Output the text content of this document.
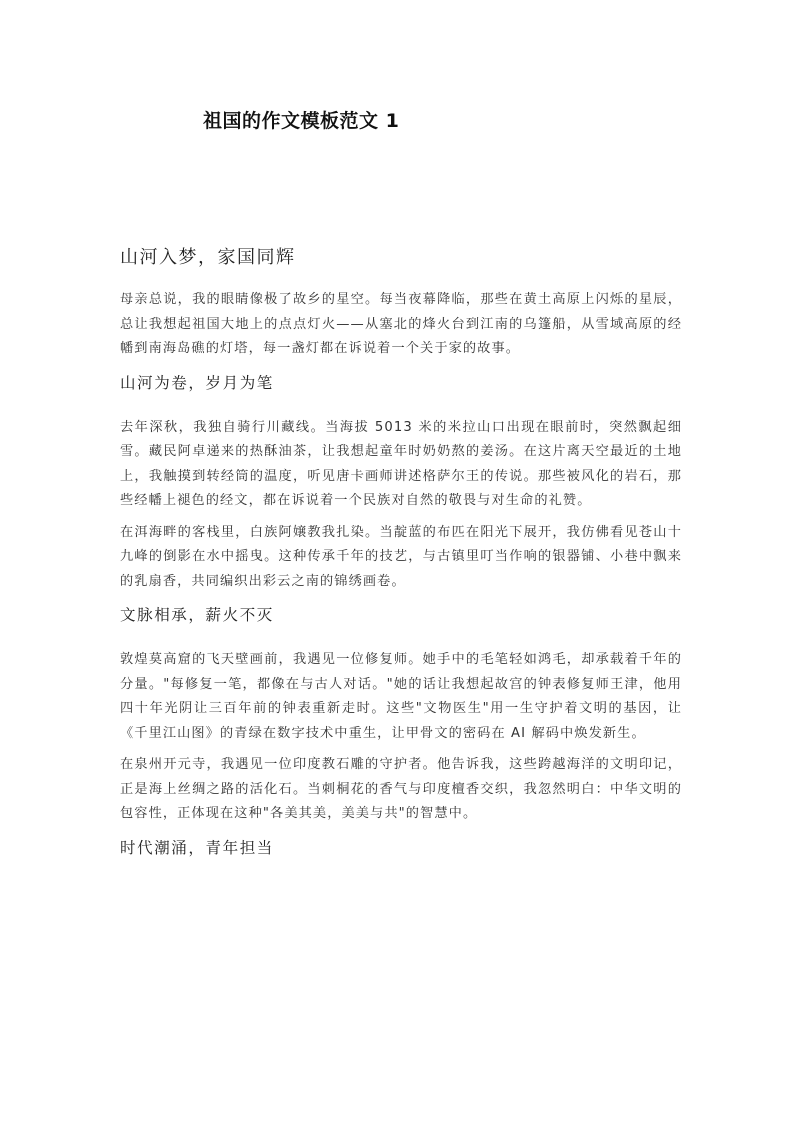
祖国的作文模板范文 1
山河入梦，家国同辉

母亲总说，我的眼睛像极了故乡的星空。每当夜幕降临，那些在黄土高原上闪烁的星辰，总让我想起祖国大地上的点点灯火——从塞北的烽火台到江南的乌篷船，从雪域高原的经幡到南海岛礁的灯塔，每一盏灯都在诉说着一个关于家的故事。

山河为卷，岁月为笔

去年深秋，我独自骑行川藏线。当海拔 5013 米的米拉山口出现在眼前时，突然飘起细雪。藏民阿卓递来的热酥油茶，让我想起童年时奶奶熬的姜汤。在这片离天空最近的土地上，我触摸到转经筒的温度，听见唐卡画师讲述格萨尔王的传说。那些被风化的岩石，那些经幡上褪色的经文，都在诉说着一个民族对自然的敬畏与对生命的礼赞。

在洱海畔的客栈里，白族阿嬢教我扎染。当靛蓝的布匹在阳光下展开，我仿佛看见苍山十九峰的倒影在水中摇曳。这种传承千年的技艺，与古镇里叮当作响的银器铺、小巷中飘来的乳扇香，共同编织出彩云之南的锦绣画卷。

文脉相承，薪火不灭

敦煌莫高窟的飞天壁画前，我遇见一位修复师。她手中的毛笔轻如鸿毛，却承载着千年的分量。"每修复一笔，都像在与古人对话。"她的话让我想起故宫的钟表修复师王津，他用四十年光阴让三百年前的钟表重新走时。这些"文物医生"用一生守护着文明的基因，让《千里江山图》的青绿在数字技术中重生，让甲骨文的密码在 AI 解码中焕发新生。

在泉州开元寺，我遇见一位印度教石雕的守护者。他告诉我，这些跨越海洋的文明印记，正是海上丝绸之路的活化石。当刺桐花的香气与印度檀香交织，我忽然明白：中华文明的包容性，正体现在这种"各美其美，美美与共"的智慧中。

时代潮涌，青年担当
